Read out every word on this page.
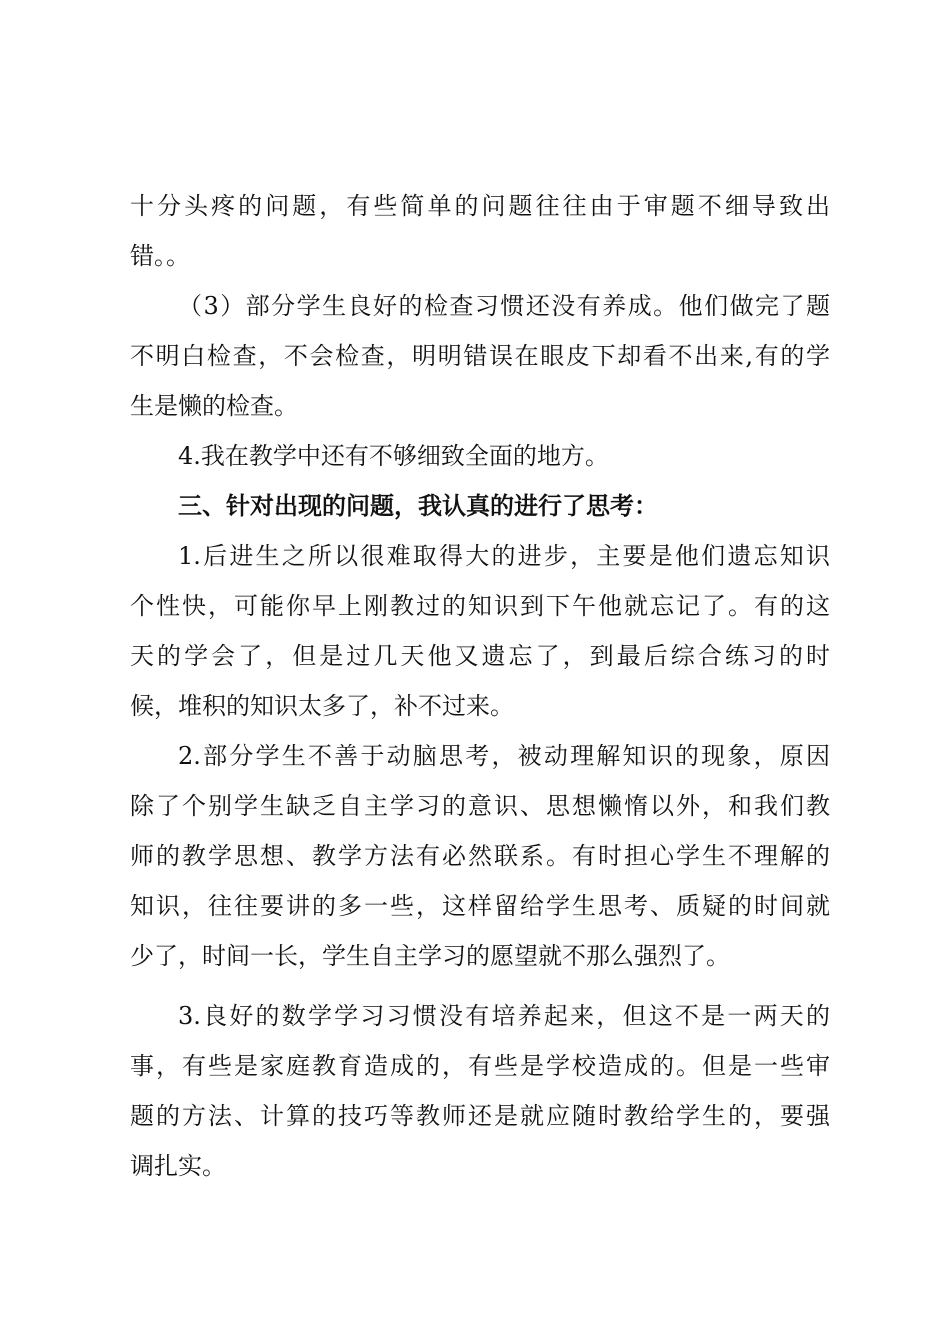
十分头疼的问题，有些简单的问题往往由于审题不细导致出
错。。
（3）部分学生良好的检查习惯还没有养成。他们做完了题
不明白检查，不会检查，明明错误在眼皮下却看不出来,有的学
生是懒的检查。
4.我在教学中还有不够细致全面的地方。
三、针对出现的问题，我认真的进行了思考：
1.后进生之所以很难取得大的进步，主要是他们遗忘知识
个性快，可能你早上刚教过的知识到下午他就忘记了。有的这
天的学会了，但是过几天他又遗忘了，到最后综合练习的时
候，堆积的知识太多了，补不过来。
2.部分学生不善于动脑思考，被动理解知识的现象，原因
除了个别学生缺乏自主学习的意识、思想懒惰以外，和我们教
师的教学思想、教学方法有必然联系。有时担心学生不理解的
知识，往往要讲的多一些，这样留给学生思考、质疑的时间就
少了，时间一长，学生自主学习的愿望就不那么强烈了。
3.良好的数学学习习惯没有培养起来，但这不是一两天的
事，有些是家庭教育造成的，有些是学校造成的。但是一些审
题的方法、计算的技巧等教师还是就应随时教给学生的，要强
调扎实。
